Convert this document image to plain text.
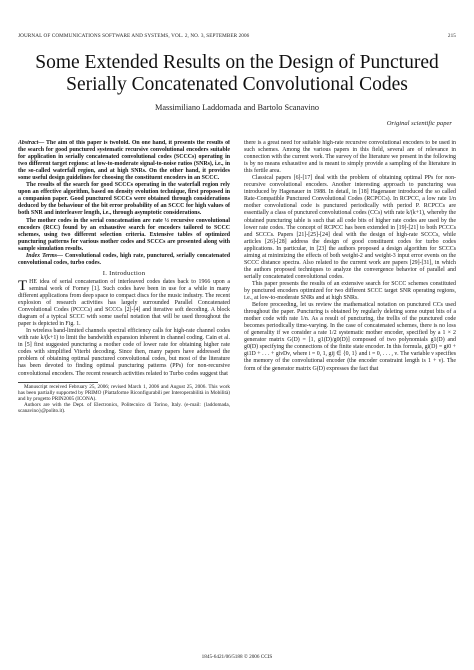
JOURNAL OF COMMUNICATIONS SOFTWARE AND SYSTEMS, VOL. 2, NO. 3, SEPTEMBER 2006	215
Some Extended Results on the Design of Punctured Serially Concatenated Convolutional Codes
Massimiliano Laddomada and Bartolo Scanavino
Original scientific paper

Abstract— The aim of this paper is twofold. On one hand, it presents the results of the search for good punctured systematic recursive convolutional encoders suitable for application in serially concatenated convolutional codes (SCCCs) operating in two different target regions: at low-to-moderate signal-to-noise ratios (SNRs), i.e., in the so-called waterfall region, and at high SNRs. On the other hand, it provides some useful design guidelines for choosing the constituent encoders in an SCCC.

The results of the search for good SCCCs operating in the waterfall region rely upon an effective algorithm, based on density evolution technique, first proposed in a companion paper. Good punctured SCCCs were obtained through considerations deduced by the behaviour of the bit error probability of an SCCC for high values of both SNR and interleaver length, i.e., through asymptotic considerations.

The mother codes in the serial concatenation are rate ½ recursive convolutional encoders (RCC) found by an exhaustive search for encoders tailored to SCCC schemes, using two different selection criteria. Extensive tables of optimized puncturing patterns for various mother codes and SCCCs are presented along with sample simulation results.

Index Terms— Convolutional codes, high rate, punctured, serially concatenated convolutional codes, turbo codes.

I. Introduction

THE idea of serial concatenation of interleaved codes dates back to 1966 upon a seminal work of Forney [1]. Such codes have been in use for a while in many different applications from deep space to compact discs for the music industry. The recent explosion of research activities has largely surrounded Parallel Concatenated Convolutional Codes (PCCCs) and SCCCs [2]-[4] and iterative soft decoding. A block diagram of a typical SCCC with some useful notation that will be used throughout the paper is depicted in Fig. 1.

In wireless band-limited channels spectral efficiency calls for high-rate channel codes with rate k/(k+1) to limit the bandwidth expansion inherent in channel coding. Cain et al. in [5] first suggested puncturing a mother code of lower rate for obtaining higher rate codes with simplified Viterbi decoding. Since then, many papers have addressed the problem of obtaining optimal punctured convolutional codes, but most of the literature has been devoted to finding optimal puncturing patterns (PPs) for non-recursive convolutional encoders. The recent research activities related to Turbo codes suggest that

Manuscript received February 25, 2006; revised March 1, 2006 and August 25, 2006. This work has been partially supported by PRIMO (Piattaforme Riconfigurabili per Interoperabilità in Mobilità) and by progetto PRIN2005 (ICONA).

Authors are with the Dept. of Electronics, Politecnico di Torino, Italy. (e-mail: {laddomada, scanavino}@polito.it).

there is a great need for suitable high-rate recursive convolutional encoders to be used in such schemes. Among the various papers in this field, several are of relevance in connection with the current work. The survey of the literature we present in the following is by no means exhaustive and is meant to simply provide a sampling of the literature in this fertile area.

Classical papers [6]-[17] deal with the problem of obtaining optimal PPs for non-recursive convolutional encoders. Another interesting approach to puncturing was introduced by Hagenauer in 1988. In detail, in [18] Hagenauer introduced the so called Rate-Compatible Punctured Convolutional Codes (RCPCCs). In RCPCC, a low rate 1/n mother convolutional code is punctured periodically with period P. RCPCCs are essentially a class of punctured convolutional codes (CCs) with rate k/(k+1), whereby the obtained puncturing table is such that all code bits of higher rate codes are used by the lower rate codes. The concept of RCPCC has been extended in [19]-[21] to both PCCCs and SCCCs. Papers [21]-[25]-[24] deal with the design of high-rate SCCCs, while articles [26]-[28] address the design of good constituent codes for turbo codes applications. In particular, in [23] the authors proposed a design algorithm for SCCCs aiming at minimizing the effects of both weight-2 and weight-3 input error events on the SCCC distance spectra. Also related to the current work are papers [29]-[31], in which the authors proposed techniques to analyze the convergence behavior of parallel and serially concatenated convolutional codes.

This paper presents the results of an extensive search for SCCC schemes constituted by punctured encoders optimized for two different SCCC target SNR operating regions, i.e., at low-to-moderate SNRs and at high SNRs.

Before proceeding, let us review the mathematical notation on punctured CCs used throughout the paper. Puncturing is obtained by regularly deleting some output bits of a mother code with rate 1/n. As a result of puncturing, the trellis of the punctured code becomes periodically time-varying. In the case of concatenated schemes, there is no loss of generality if we consider a rate 1/2 systematic mother encoder, specified by a 1 × 2 generator matrix G(D) = [1, g1(D)/g0(D)] composed of two polynomials g1(D) and g0(D) specifying the connections of the finite state encoder. In this formula, gi(D) = gi0 + gi1D + . . . + giνDν, where i = 0, 1, gij ∈ {0, 1} and i = 0, . . . , ν. The variable ν specifies the memory of the convolutional encoder (the encoder constraint length is 1 + ν). The form of the generator matrix G(D) expresses the fact that

1845-6421/06/5188 © 2006 CCIS
